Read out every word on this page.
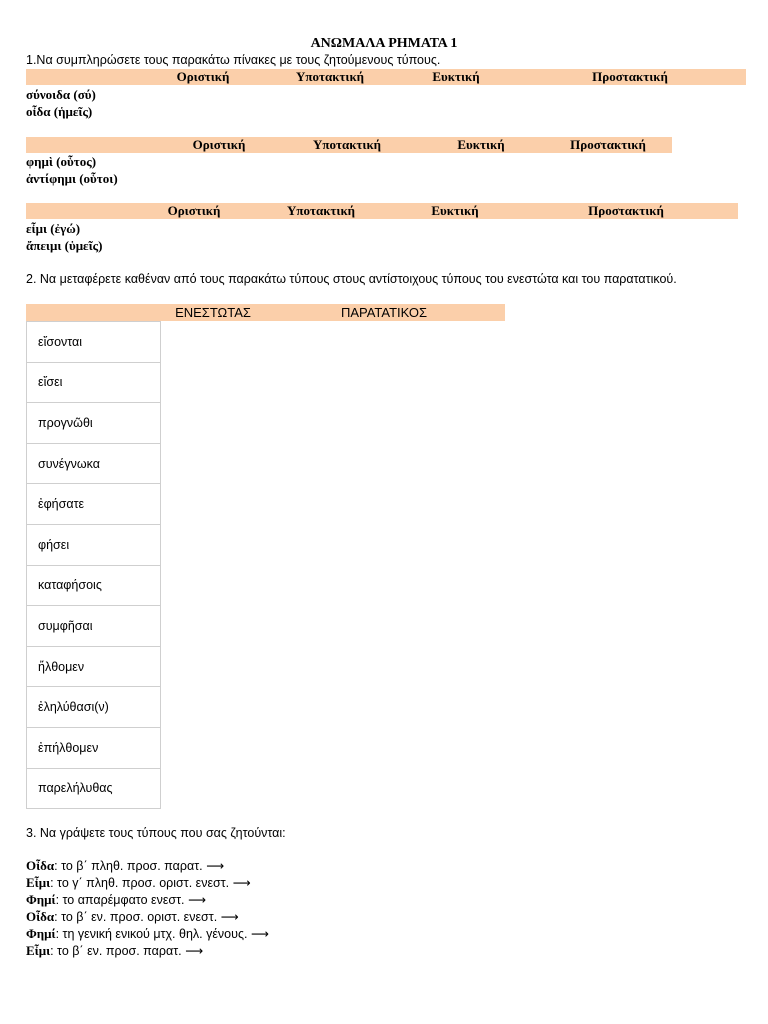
ΑΝΩΜΑΛΑ ΡΗΜΑΤΑ 1
1.Να συμπληρώσετε τους παρακάτω πίνακες με τους ζητούμενους τύπους.
Οριστική	Υποτακτική	Ευκτική	Προστακτική
σύνοιδα (σύ)
οἶδα (ἡμεῖς)
Οριστική	Υποτακτική	Ευκτική	Προστακτική
φημὶ (οὗτος)
ἀντίφημι (οὗτοι)
Οριστική	Υποτακτική	Ευκτική	Προστακτική
εἶμι (ἐγώ)
ἄπειμι (ὑμεῖς)
2. Να μεταφέρετε καθέναν από τους παρακάτω τύπους στους αντίστοιχους τύπους του ενεστώτα και του παρατατικού.
ΕΝΕΣΤΩΤΑΣ	ΠΑΡΑΤΑΤΙΚΟΣ
εἴσονται
εἴσει
προγνῶθι
συνέγνωκα
ἐφήσατε
φήσει
καταφήσοις
συμφῆσαι
ἤλθομεν
ἐληλύθασι(ν)
ἐπήλθομεν
παρελήλυθας
3. Να γράψετε τους τύπους που σας ζητούνται:
Οἶδα: το β΄ πληθ. προσ. παρατ. ⟶
Εἶμι: το γ΄ πληθ. προσ. οριστ. ενεστ. ⟶
Φημί: το απαρέμφατο ενεστ. ⟶
Οἶδα: το β΄ εν. προσ. οριστ. ενεστ. ⟶
Φημί: τη γενική ενικού μτχ. θηλ. γένους. ⟶
Εἶμι: το β΄ εν. προσ. παρατ. ⟶
